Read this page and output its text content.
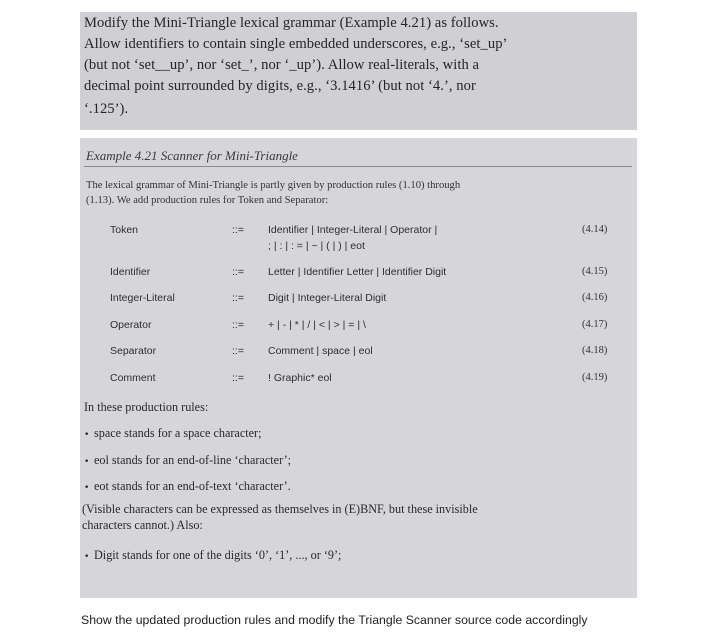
Modify the Mini-Triangle lexical grammar (Example 4.21) as follows.
Allow identifiers to contain single embedded underscores, e.g., ‘set_up’
(but not ‘set__up’, nor ‘set_’, nor ‘_up’). Allow real-literals, with a
decimal point surrounded by digits, e.g., ‘3.1416’ (but not ‘4.’, nor
‘.125’).
Example 4.21 Scanner for Mini-Triangle
The lexical grammar of Mini-Triangle is partly given by production rules (1.10) through
(1.13). We add production rules for Token and Separator:
Token	::= Identifier | Integer-Literal | Operator |	(4.14)
; | : | : = | ~ | ( | ) | eot
Identifier	::= Letter | Identifier Letter | Identifier Digit	(4.15)
Integer-Literal	::= Digit | Integer-Literal Digit	(4.16)
Operator	::= + | - | * | / | < | > | = | \	(4.17)
Separator	::= Comment | space | eol	(4.18)
Comment	::= ! Graphic* eol	(4.19)
In these production rules:
• space stands for a space character;
• eol stands for an end-of-line ‘character’;
• eot stands for an end-of-text ‘character’.
(Visible characters can be expressed as themselves in (E)BNF, but these invisible
characters cannot.) Also:
• Digit stands for one of the digits ‘0’, ‘1’, ..., or ‘9’;
Show the updated production rules and modify the Triangle Scanner source code accordingly
